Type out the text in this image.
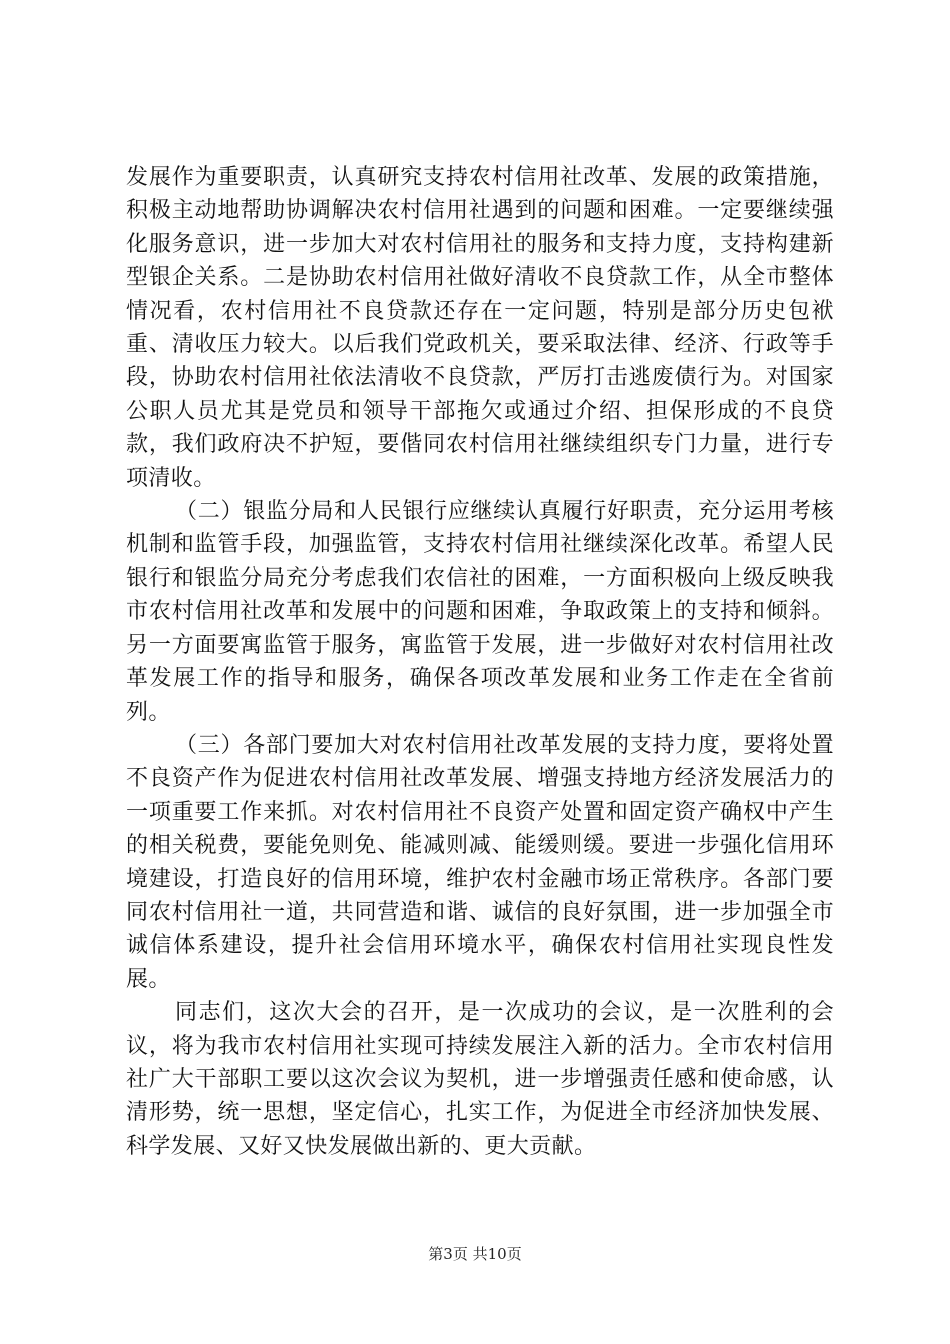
发展作为重要职责，认真研究支持农村信用社改革、发展的政策措施，积极主动地帮助协调解决农村信用社遇到的问题和困难。一定要继续强化服务意识，进一步加大对农村信用社的服务和支持力度，支持构建新型银企关系。二是协助农村信用社做好清收不良贷款工作，从全市整体情况看，农村信用社不良贷款还存在一定问题，特别是部分历史包袱重、清收压力较大。以后我们党政机关，要采取法律、经济、行政等手段，协助农村信用社依法清收不良贷款，严厉打击逃废债行为。对国家公职人员尤其是党员和领导干部拖欠或通过介绍、担保形成的不良贷款，我们政府决不护短，要偕同农村信用社继续组织专门力量，进行专项清收。

（二）银监分局和人民银行应继续认真履行好职责，充分运用考核机制和监管手段，加强监管，支持农村信用社继续深化改革。希望人民银行和银监分局充分考虑我们农信社的困难，一方面积极向上级反映我市农村信用社改革和发展中的问题和困难，争取政策上的支持和倾斜。另一方面要寓监管于服务，寓监管于发展，进一步做好对农村信用社改革发展工作的指导和服务，确保各项改革发展和业务工作走在全省前列。

（三）各部门要加大对农村信用社改革发展的支持力度，要将处置不良资产作为促进农村信用社改革发展、增强支持地方经济发展活力的一项重要工作来抓。对农村信用社不良资产处置和固定资产确权中产生的相关税费，要能免则免、能减则减、能缓则缓。要进一步强化信用环境建设，打造良好的信用环境，维护农村金融市场正常秩序。各部门要同农村信用社一道，共同营造和谐、诚信的良好氛围，进一步加强全市诚信体系建设，提升社会信用环境水平，确保农村信用社实现良性发展。

同志们，这次大会的召开，是一次成功的会议，是一次胜利的会议，将为我市农村信用社实现可持续发展注入新的活力。全市农村信用社广大干部职工要以这次会议为契机，进一步增强责任感和使命感，认清形势，统一思想，坚定信心，扎实工作，为促进全市经济加快发展、科学发展、又好又快发展做出新的、更大贡献。

第3页 共10页
